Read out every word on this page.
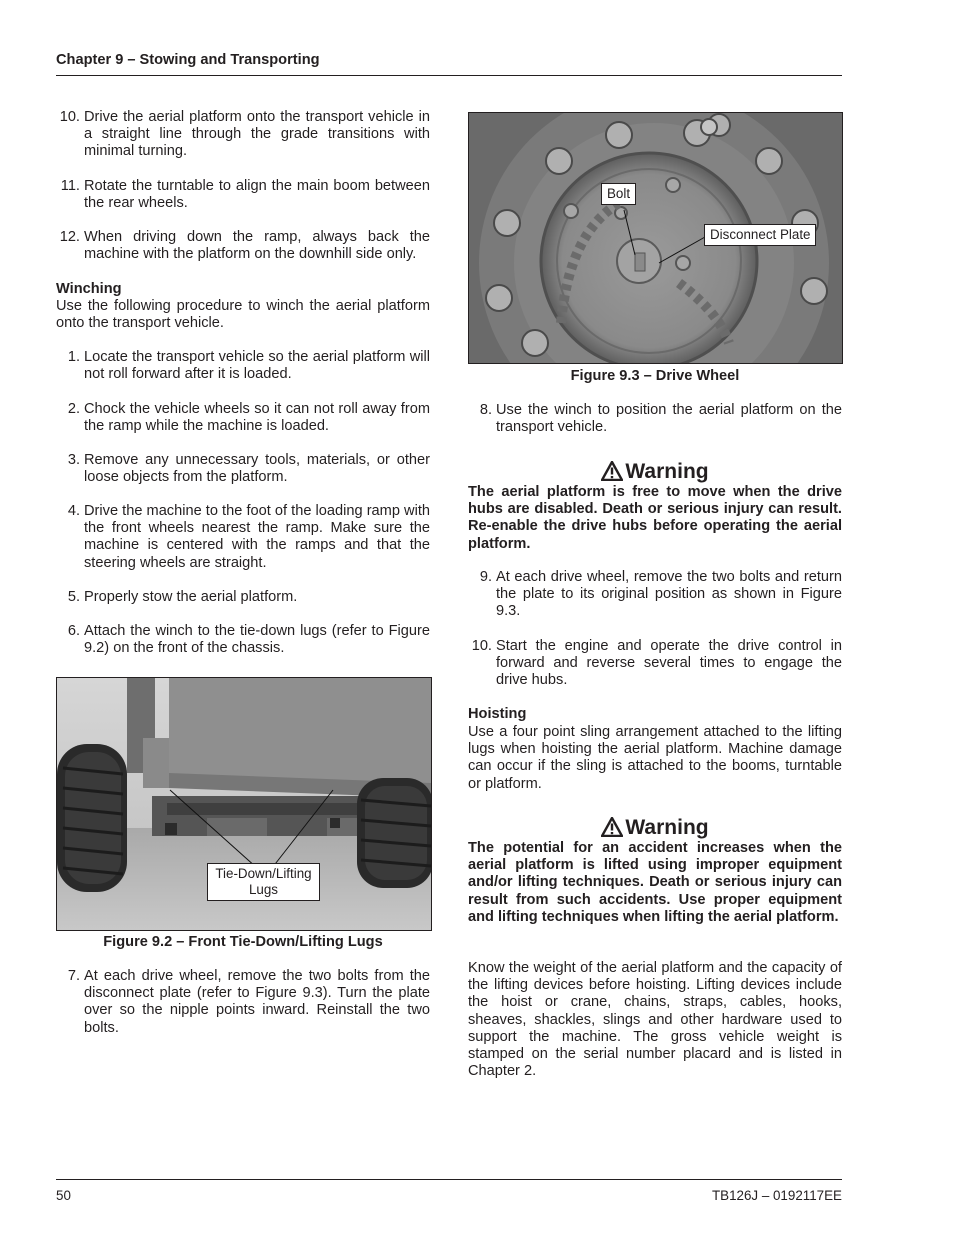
Chapter 9 – Stowing and Transporting
10. Drive the aerial platform onto the transport vehicle in a straight line through the grade transitions with minimal turning.
11. Rotate the turntable to align the main boom between the rear wheels.
12. When driving down the ramp, always back the machine with the platform on the downhill side only.
Winching
Use the following procedure to winch the aerial platform onto the transport vehicle.
1. Locate the transport vehicle so the aerial platform will not roll forward after it is loaded.
2. Chock the vehicle wheels so it can not roll away from the ramp while the machine is loaded.
3. Remove any unnecessary tools, materials, or other loose objects from the platform.
4. Drive the machine to the foot of the loading ramp with the front wheels nearest the ramp. Make sure the machine is centered with the ramps and that the steering wheels are straight.
5. Properly stow the aerial platform.
6. Attach the winch to the tie-down lugs (refer to Figure 9.2) on the front of the chassis.
Tie-Down/Lifting Lugs
Figure 9.2 – Front Tie-Down/Lifting Lugs
7. At each drive wheel, remove the two bolts from the disconnect plate (refer to Figure 9.3). Turn the plate over so the nipple points inward. Reinstall the two bolts.
Bolt
Disconnect Plate
Figure 9.3 – Drive Wheel
8. Use the winch to position the aerial platform on the transport vehicle.
Warning
The aerial platform is free to move when the drive hubs are disabled. Death or serious injury can result. Re-enable the drive hubs before operating the aerial platform.
9. At each drive wheel, remove the two bolts and return the plate to its original position as shown in Figure 9.3.
10. Start the engine and operate the drive control in forward and reverse several times to engage the drive hubs.
Hoisting
Use a four point sling arrangement attached to the lifting lugs when hoisting the aerial platform. Machine damage can occur if the sling is attached to the booms, turntable or platform.
Warning
The potential for an accident increases when the aerial platform is lifted using improper equipment and/or lifting techniques. Death or serious injury can result from such accidents. Use proper equipment and lifting techniques when lifting the aerial platform.
Know the weight of the aerial platform and the capacity of the lifting devices before hoisting. Lifting devices include the hoist or crane, chains, straps, cables, hooks, sheaves, shackles, slings and other hardware used to support the machine. The gross vehicle weight is stamped on the serial number placard and is listed in Chapter 2.
50	TB126J – 0192117EE
